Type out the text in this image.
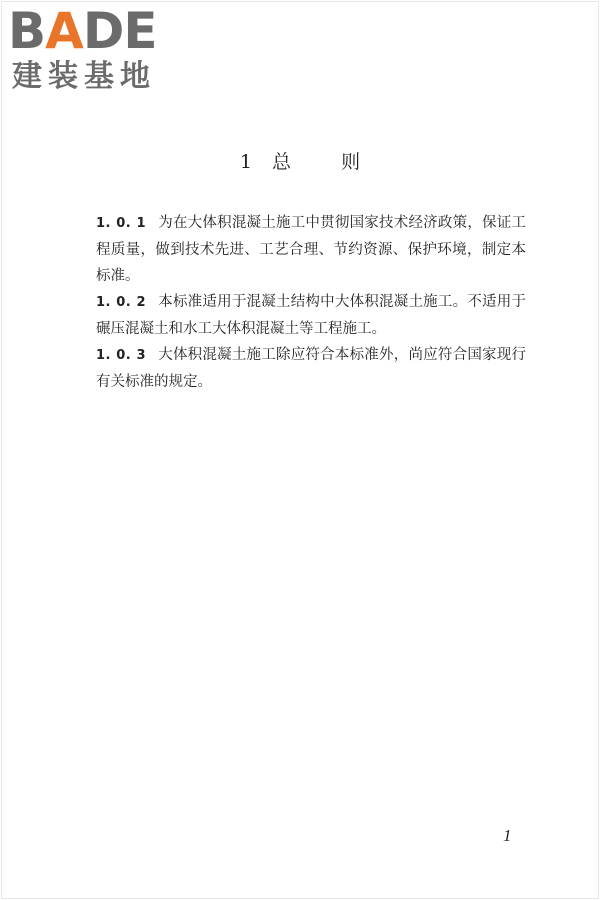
B A D E
建装基地
1 总	则

1. 0. 1 为在大体积混凝土施工中贯彻国家技术经济政策，保证工程质量，做到技术先进、工艺合理、节约资源、保护环境，制定本标准。

1. 0. 2 本标准适用于混凝土结构中大体积混凝土施工。不适用于碾压混凝土和水工大体积混凝土等工程施工。

1. 0. 3 大体积混凝土施工除应符合本标准外，尚应符合国家现行有关标准的规定。

1
